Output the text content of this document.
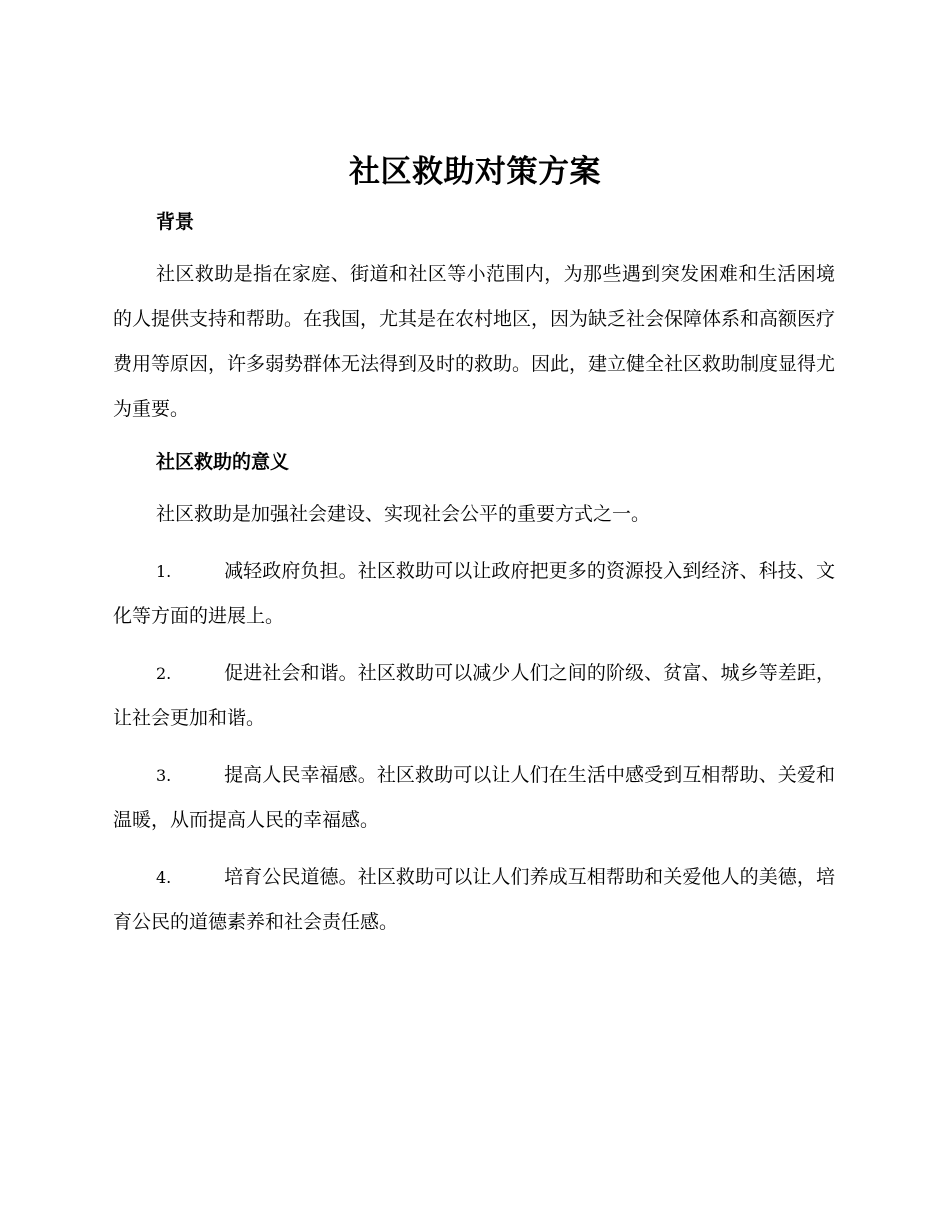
社区救助对策方案

背景

社区救助是指在家庭、街道和社区等小范围内，为那些遇到突发困难和生活困境的人提供支持和帮助。在我国，尤其是在农村地区，因为缺乏社会保障体系和高额医疗费用等原因，许多弱势群体无法得到及时的救助。因此，建立健全社区救助制度显得尤为重要。

社区救助的意义

社区救助是加强社会建设、实现社会公平的重要方式之一。

1.	减轻政府负担。社区救助可以让政府把更多的资源投入到经济、科技、文化等方面的进展上。

2.	促进社会和谐。社区救助可以减少人们之间的阶级、贫富、城乡等差距，让社会更加和谐。

3.	提高人民幸福感。社区救助可以让人们在生活中感受到互相帮助、关爱和温暖，从而提高人民的幸福感。

4.	培育公民道德。社区救助可以让人们养成互相帮助和关爱他人的美德，培育公民的道德素养和社会责任感。
